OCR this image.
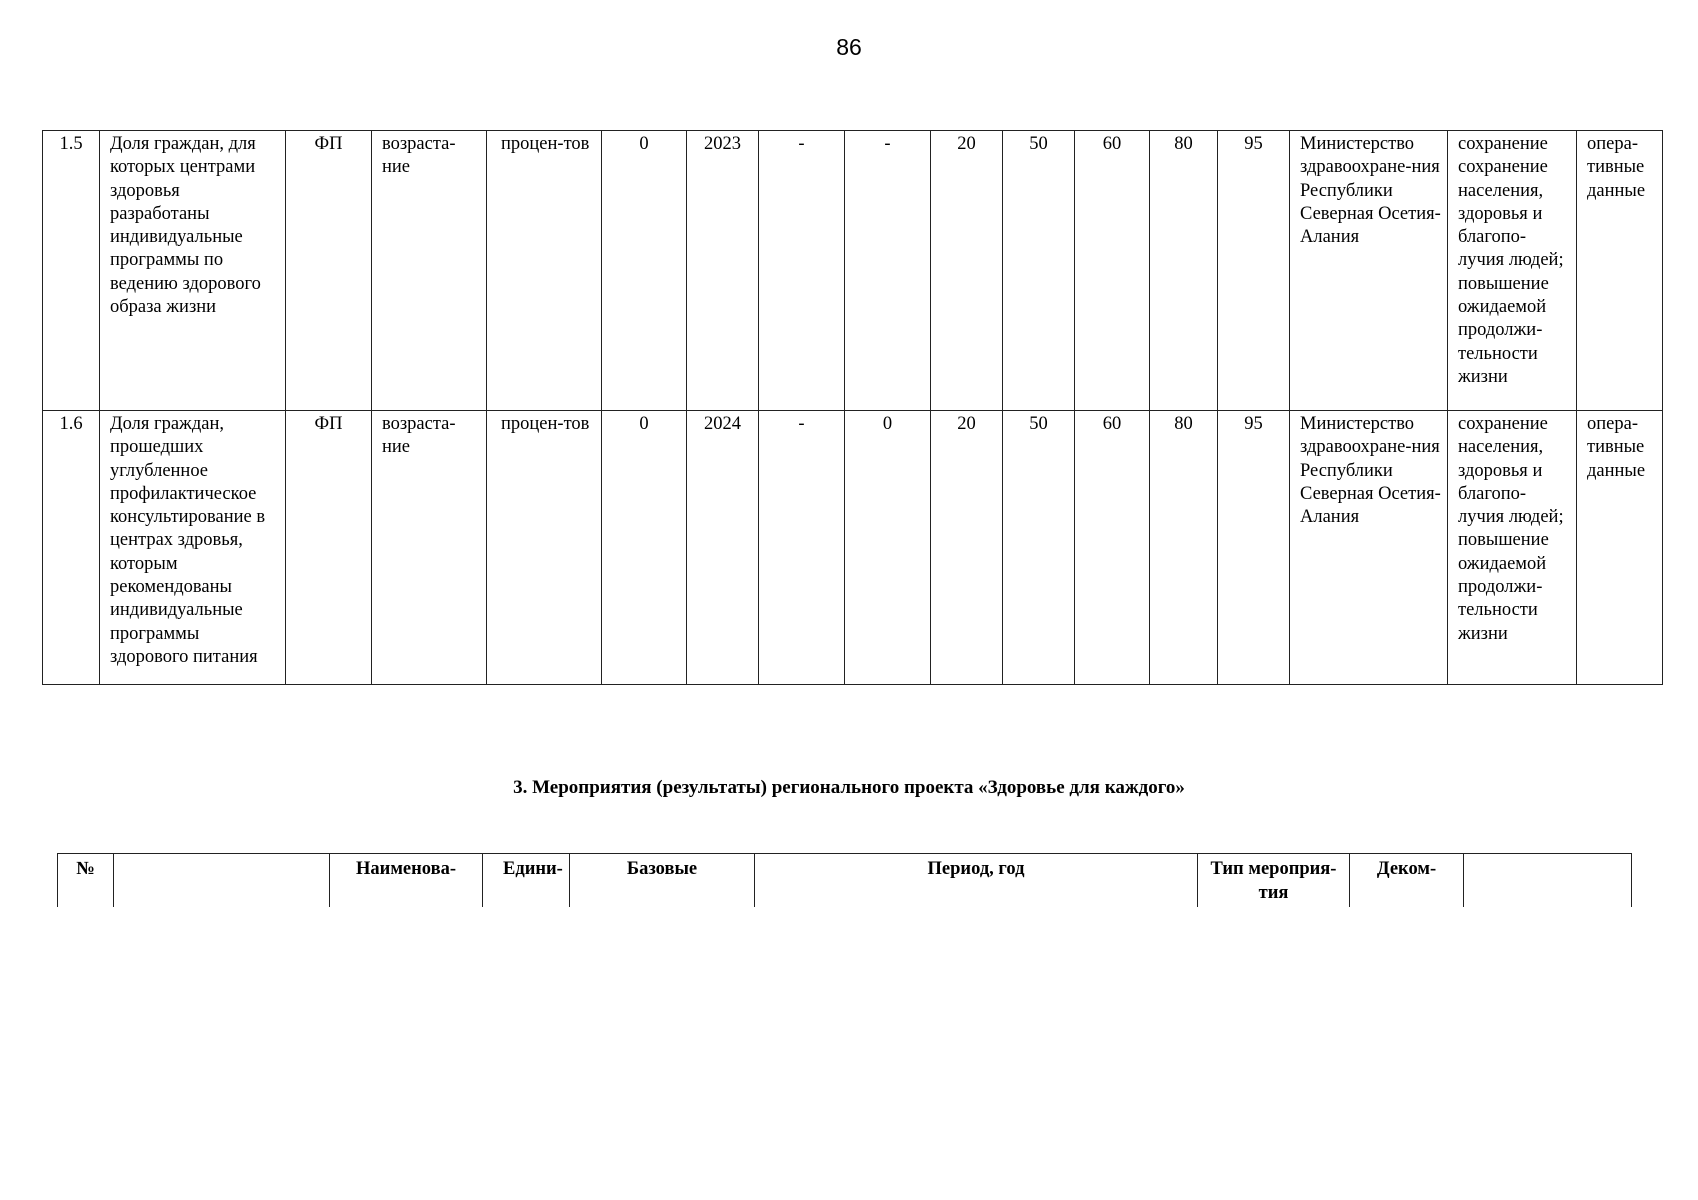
86
1.5	Доля граждан, для которых центрами здоровья разработаны индивидуальные программы по ведению здорового образа жизни	ФП	возраста-ние	процен-тов	0	2023	-	-	20	50	60	80	95	Министерство здравоохране-ния Республики Северная Осетия-Алания	сохранение сохранение населения, здоровья и благопо-лучия людей; повышение ожидаемой продолжи-тельности жизни	опера-тивные данные
1.6	Доля граждан, прошедших углубленное профилактическое консультирование в центрах здровья, которым рекомендованы индивидуальные программы здорового питания	ФП	возраста-ние	процен-тов	0	2024	-	0	20	50	60	80	95	Министерство здравоохране-ния Республики Северная Осетия-Алания	сохранение населения, здоровья и благопо-лучия людей; повышение ожидаемой продолжи-тельности жизни	опера-тивные данные
3. Мероприятия (результаты) регионального проекта «Здоровье для каждого»
№		Наименова-	Едини-	Базовые	Период, год	Тип мероприя-тия	Деком-	
